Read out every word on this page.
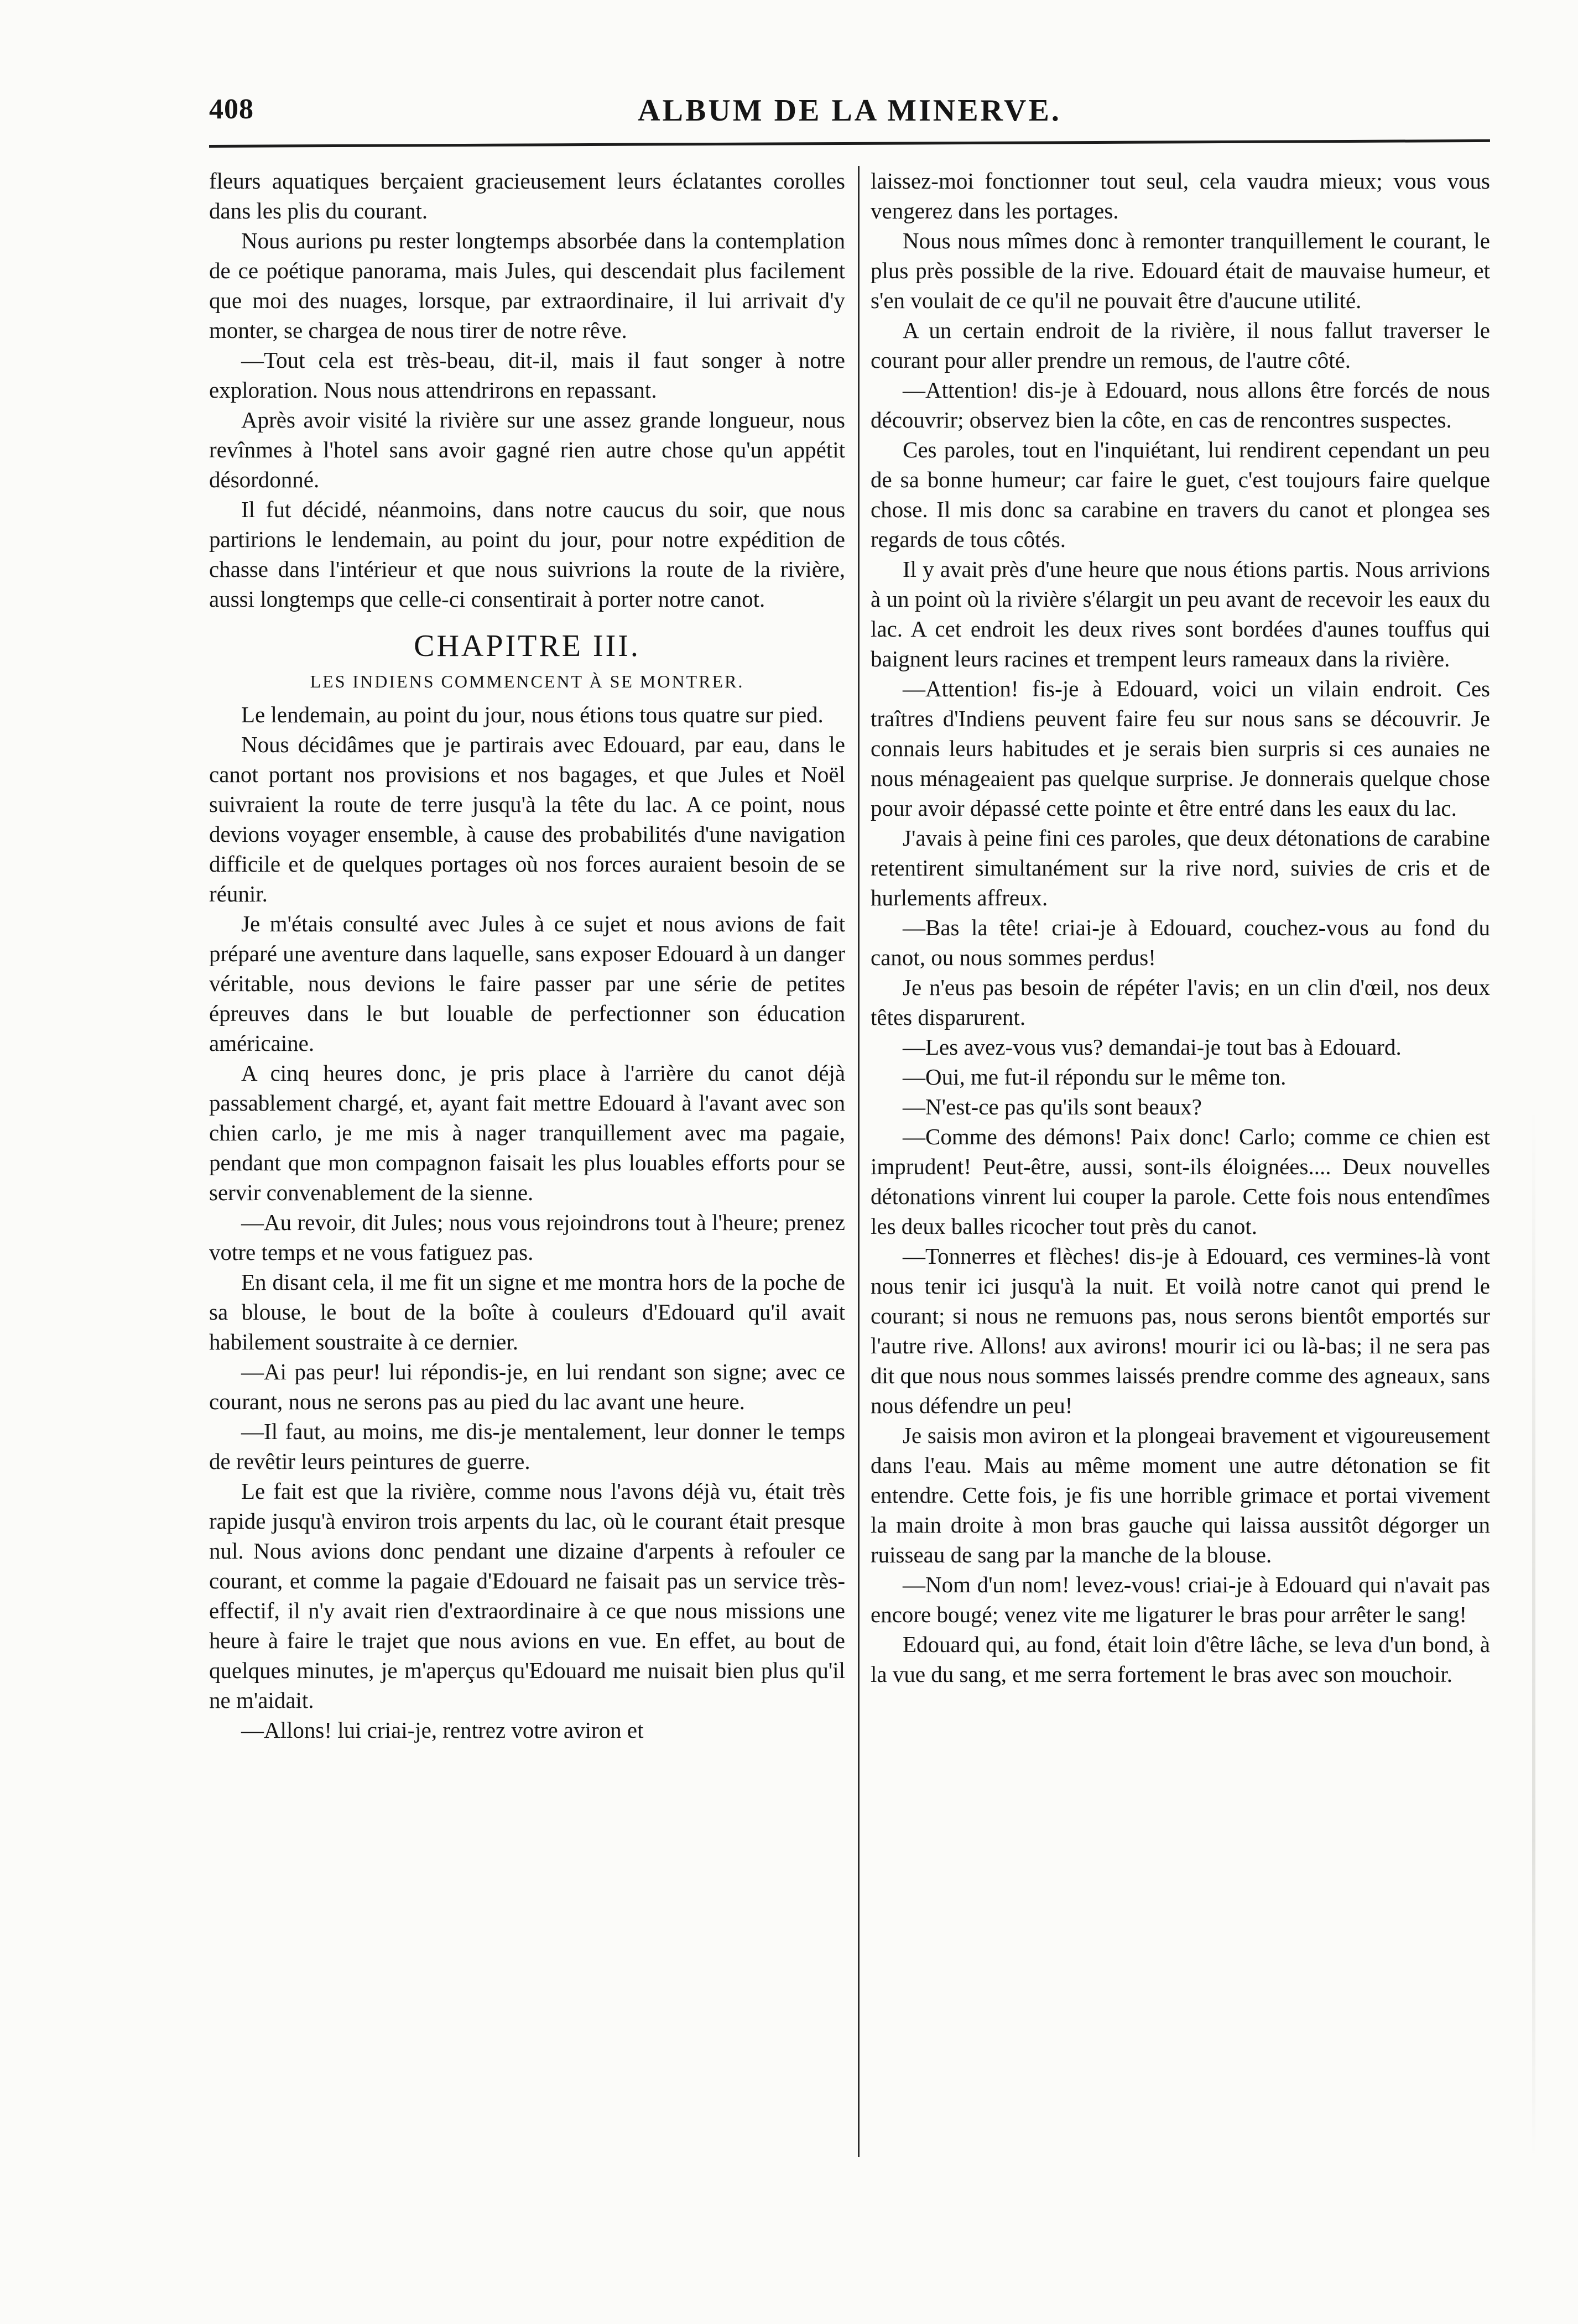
408	ALBUM DE LA MINERVE.

fleurs aquatiques berçaient gracieusement leurs éclatantes corolles dans les plis du courant.

Nous aurions pu rester longtemps absorbée dans la contemplation de ce poétique panorama, mais Jules, qui descendait plus facilement que moi des nuages, lorsque, par extraordinaire, il lui arrivait d'y monter, se chargea de nous tirer de notre rêve.

—Tout cela est très-beau, dit-il, mais il faut songer à notre exploration. Nous nous attendrirons en repassant.

Après avoir visité la rivière sur une assez grande longueur, nous revînmes à l'hotel sans avoir gagné rien autre chose qu'un appétit désordonné.

Il fut décidé, néanmoins, dans notre caucus du soir, que nous partirions le lendemain, au point du jour, pour notre expédition de chasse dans l'intérieur et que nous suivrions la route de la rivière, aussi longtemps que celle-ci consentirait à porter notre canot.

CHAPITRE III.
LES INDIENS COMMENCENT À SE MONTRER.

Le lendemain, au point du jour, nous étions tous quatre sur pied.

Nous décidâmes que je partirais avec Edouard, par eau, dans le canot portant nos provisions et nos bagages, et que Jules et Noël suivraient la route de terre jusqu'à la tête du lac. A ce point, nous devions voyager ensemble, à cause des probabilités d'une navigation difficile et de quelques portages où nos forces auraient besoin de se réunir.

Je m'étais consulté avec Jules à ce sujet et nous avions de fait préparé une aventure dans laquelle, sans exposer Edouard à un danger véritable, nous devions le faire passer par une série de petites épreuves dans le but louable de perfectionner son éducation américaine.

A cinq heures donc, je pris place à l'arrière du canot déjà passablement chargé, et, ayant fait mettre Edouard à l'avant avec son chien carlo, je me mis à nager tranquillement avec ma pagaie, pendant que mon compagnon faisait les plus louables efforts pour se servir convenablement de la sienne.

—Au revoir, dit Jules; nous vous rejoindrons tout à l'heure; prenez votre temps et ne vous fatiguez pas.

En disant cela, il me fit un signe et me montra hors de la poche de sa blouse, le bout de la boîte à couleurs d'Edouard qu'il avait habilement soustraite à ce dernier.

—Ai pas peur! lui répondis-je, en lui rendant son signe; avec ce courant, nous ne serons pas au pied du lac avant une heure.

—Il faut, au moins, me dis-je mentalement, leur donner le temps de revêtir leurs peintures de guerre.

Le fait est que la rivière, comme nous l'avons déjà vu, était très rapide jusqu'à environ trois arpents du lac, où le courant était presque nul. Nous avions donc pendant une dizaine d'arpents à refouler ce courant, et comme la pagaie d'Edouard ne faisait pas un service très-effectif, il n'y avait rien d'extraordinaire à ce que nous missions une heure à faire le trajet que nous avions en vue. En effet, au bout de quelques minutes, je m'aperçus qu'Edouard me nuisait bien plus qu'il ne m'aidait.

—Allons! lui criai-je, rentrez votre aviron et

laissez-moi fonctionner tout seul, cela vaudra mieux; vous vous vengerez dans les portages.

Nous nous mîmes donc à remonter tranquillement le courant, le plus près possible de la rive. Edouard était de mauvaise humeur, et s'en voulait de ce qu'il ne pouvait être d'aucune utilité.

A un certain endroit de la rivière, il nous fallut traverser le courant pour aller prendre un remous, de l'autre côté.

—Attention! dis-je à Edouard, nous allons être forcés de nous découvrir; observez bien la côte, en cas de rencontres suspectes.

Ces paroles, tout en l'inquiétant, lui rendirent cependant un peu de sa bonne humeur; car faire le guet, c'est toujours faire quelque chose. Il mis donc sa carabine en travers du canot et plongea ses regards de tous côtés.

Il y avait près d'une heure que nous étions partis. Nous arrivions à un point où la rivière s'élargit un peu avant de recevoir les eaux du lac. A cet endroit les deux rives sont bordées d'aunes touffus qui baignent leurs racines et trempent leurs rameaux dans la rivière.

—Attention! fis-je à Edouard, voici un vilain endroit. Ces traîtres d'Indiens peuvent faire feu sur nous sans se découvrir. Je connais leurs habitudes et je serais bien surpris si ces aunaies ne nous ménageaient pas quelque surprise. Je donnerais quelque chose pour avoir dépassé cette pointe et être entré dans les eaux du lac.

J'avais à peine fini ces paroles, que deux détonations de carabine retentirent simultanément sur la rive nord, suivies de cris et de hurlements affreux.

—Bas la tête! criai-je à Edouard, couchez-vous au fond du canot, ou nous sommes perdus!

Je n'eus pas besoin de répéter l'avis; en un clin d'œil, nos deux têtes disparurent.

—Les avez-vous vus? demandai-je tout bas à Edouard.

—Oui, me fut-il répondu sur le même ton.

—N'est-ce pas qu'ils sont beaux?

—Comme des démons! Paix donc! Carlo; comme ce chien est imprudent! Peut-être, aussi, sont-ils éloignées.... Deux nouvelles détonations vinrent lui couper la parole. Cette fois nous entendîmes les deux balles ricocher tout près du canot.

—Tonnerres et flèches! dis-je à Edouard, ces vermines-là vont nous tenir ici jusqu'à la nuit. Et voilà notre canot qui prend le courant; si nous ne remuons pas, nous serons bientôt emportés sur l'autre rive. Allons! aux avirons! mourir ici ou là-bas; il ne sera pas dit que nous nous sommes laissés prendre comme des agneaux, sans nous défendre un peu!

Je saisis mon aviron et la plongeai bravement et vigoureusement dans l'eau. Mais au même moment une autre détonation se fit entendre. Cette fois, je fis une horrible grimace et portai vivement la main droite à mon bras gauche qui laissa aussitôt dégorger un ruisseau de sang par la manche de la blouse.

—Nom d'un nom! levez-vous! criai-je à Edouard qui n'avait pas encore bougé; venez vite me ligaturer le bras pour arrêter le sang!

Edouard qui, au fond, était loin d'être lâche, se leva d'un bond, à la vue du sang, et me serra fortement le bras avec son mouchoir.
